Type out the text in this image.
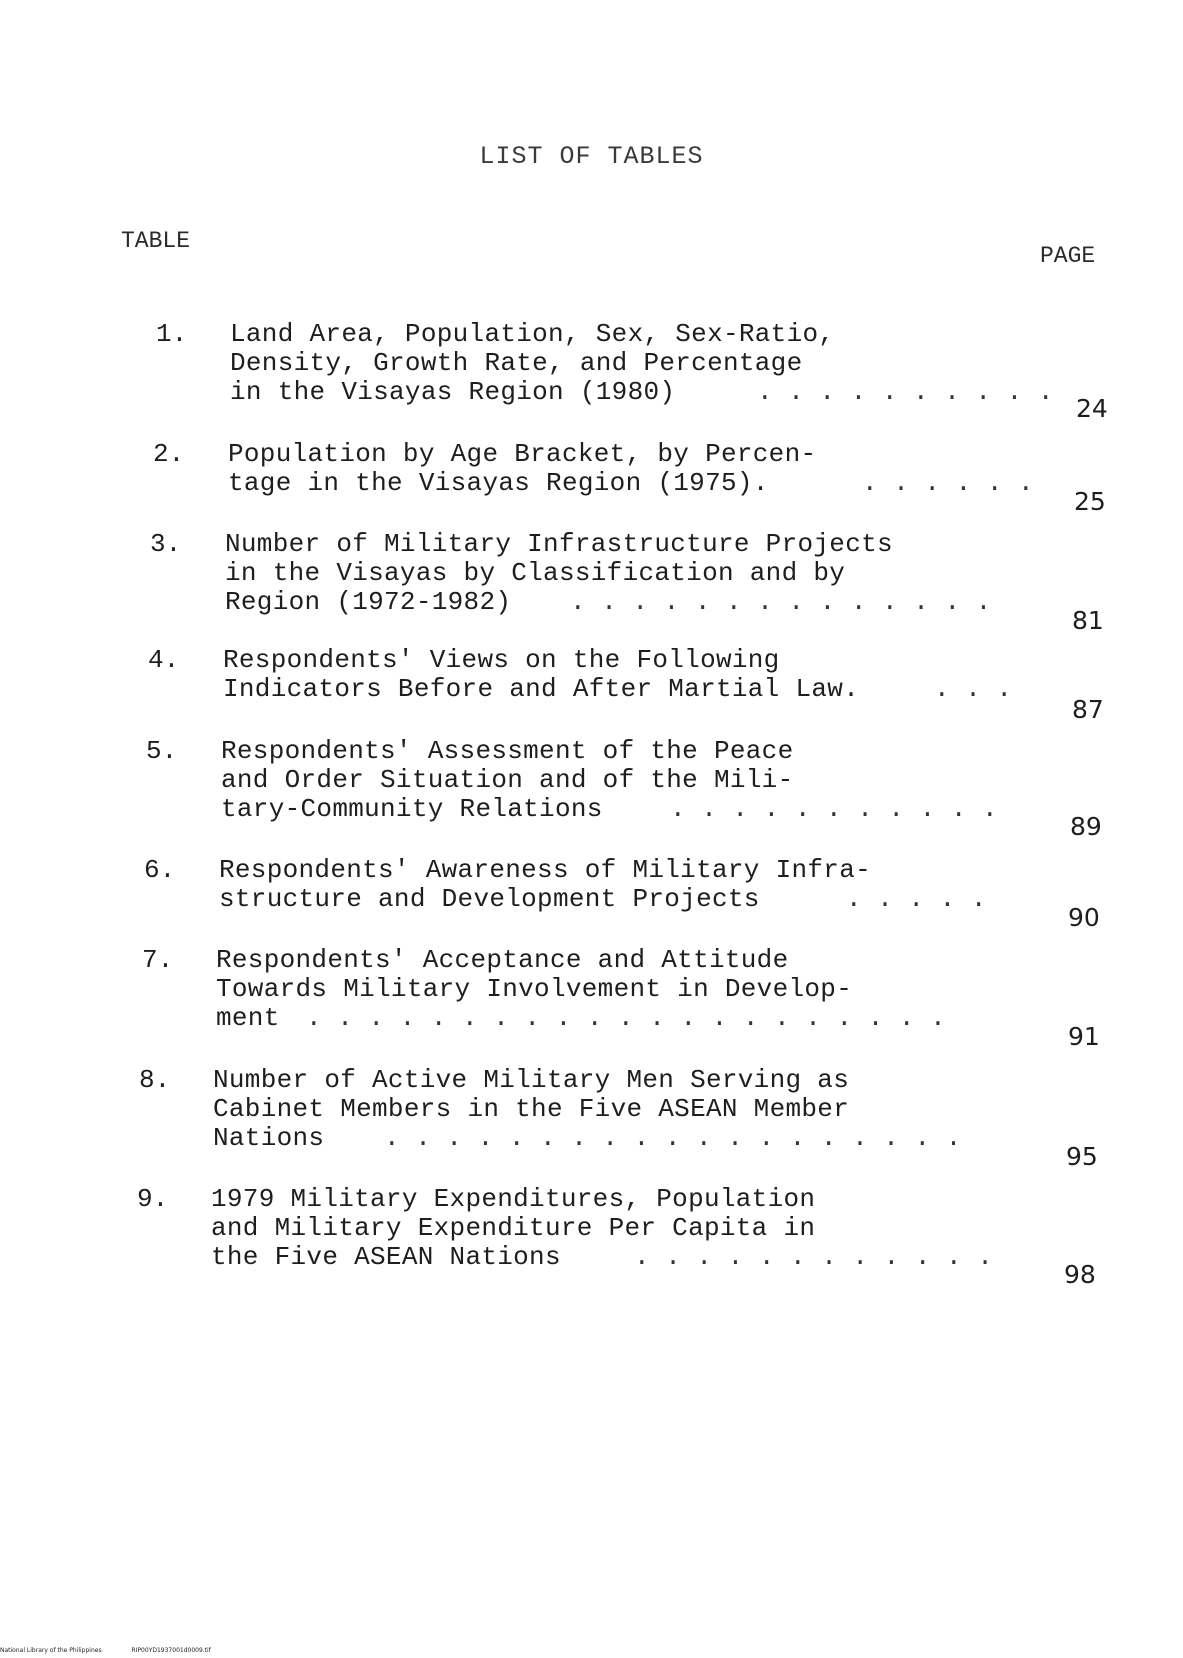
LIST OF TABLES
TABLE
PAGE
1. Land Area, Population, Sex, Sex-Ratio,
Density, Growth Rate, and Percentage
in the Visayas Region (1980)	. . . . . . . . . .
24
2. Population by Age Bracket, by Percen-
tage in the Visayas Region (1975).	. . . . . .
25
3. Number of Military Infrastructure Projects
in the Visayas by Classification and by
Region (1972-1982)	. . . . . . . . . . . . . .
81
4. Respondents' Views on the Following
Indicators Before and After Martial Law.	. . .
87
5. Respondents' Assessment of the Peace
and Order Situation and of the Mili-
tary-Community Relations	. . . . . . . . . . .
89
6. Respondents' Awareness of Military Infra-
structure and Development Projects	. . . . .
90
7. Respondents' Acceptance and Attitude
Towards Military Involvement in Develop-
ment	. . . . . . . . . . . . . . . . . . . . .
91
8. Number of Active Military Men Serving as
Cabinet Members in the Five ASEAN Member
Nations	. . . . . . . . . . . . . . . . . . .
95
9. 1979 Military Expenditures, Population
and Military Expenditure Per Capita in
the Five ASEAN Nations	. . . . . . . . . . . .
98
National Library of the Philippines	RIP00YD1937001d0009.tif
